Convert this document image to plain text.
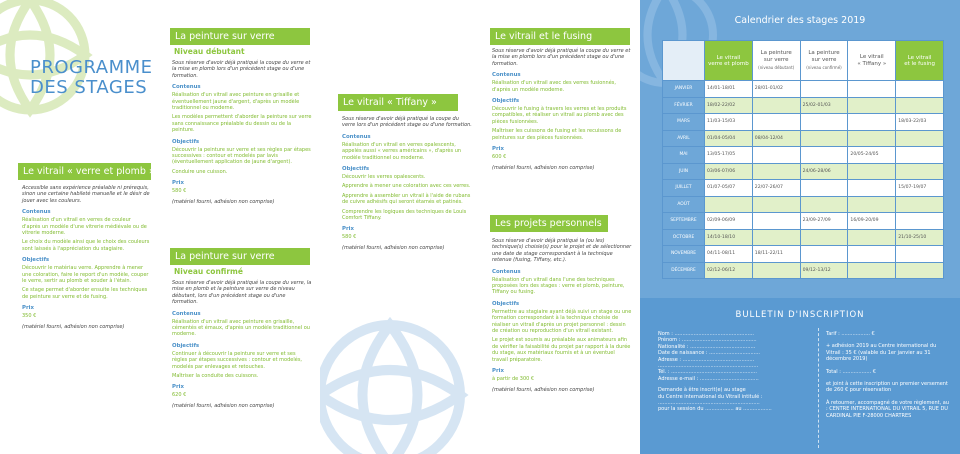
PROGRAMME
DES STAGES
Le vitrail « verre et plomb »
Accessible sans expérience préalable ni prérequis, sinon une certaine habileté manuelle et le désir de jouer avec les couleurs.
Contenus
Réalisation d'un vitrail en verres de couleur d'après un modèle d'une vitrerie médiévale ou de vitrerie moderne.
Le choix du modèle ainsi que le choix des couleurs sont laissés à l'appréciation du stagiaire.
Objectifs
Découvrir le matériau verre. Apprendre à mener une coloration, faire le report d'un modèle, couper le verre, sertir au plomb et souder à l'étain.
Ce stage permet d'aborder ensuite les techniques de peinture sur verre et de fusing.
Prix
350 €
(matériel fourni, adhésion non comprise)
La peinture sur verre
Niveau débutant
Sous réserve d'avoir déjà pratiqué la coupe du verre et la mise en plomb lors d'un précédent stage ou d'une formation.
Contenus
Réalisation d'un vitrail avec peinture en grisaille et éventuellement jaune d'argent, d'après un modèle traditionnel ou moderne.
Les modèles permettent d'aborder la peinture sur verre sans connaissance préalable du dessin ou de la peinture.
Objectifs
Découvrir la peinture sur verre et ses règles par étapes successives : contour et modelés par lavis (éventuellement application de jaune d'argent).
Conduire une cuisson.
Prix
580 €
(matériel fourni, adhésion non comprise)
La peinture sur verre
Niveau confirmé
Sous réserve d'avoir déjà pratiqué la coupe du verre, la mise en plomb et la peinture sur verre de niveau débutant, lors d'un précédent stage ou d'une formation.
Contenus
Réalisation d'un vitrail avec peinture en grisaille, cémentés et émaux, d'après un modèle traditionnel ou moderne.
Objectifs
Continuer à découvrir la peinture sur verre et ses règles par étapes successives : contour et modelés, modelés par enlevages et retouches.
Maîtriser la conduite des cuissons.
Prix
620 €
(matériel fourni, adhésion non comprise)
Le vitrail « Tiffany »
Sous réserve d'avoir déjà pratiqué la coupe du verre lors d'un précédent stage ou d'une formation.
Contenus
Réalisation d'un vitrail en verres opalescents, appelés aussi « verres américains », d'après un modèle traditionnel ou moderne.
Objectifs
Découvrir les verres opalescents.
Apprendre à mener une coloration avec ces verres.
Apprendre à assembler un vitrail à l'aide de rubans de cuivre adhésifs qui seront étamés et patinés.
Comprendre les logiques des techniques de Louis Comfort Tiffany.
Prix
580 €
(matériel fourni, adhésion non comprise)
Le vitrail et le fusing
Sous réserve d'avoir déjà pratiqué la coupe du verre et la mise en plomb lors d'un précédent stage ou d'une formation.
Contenus
Réalisation d'un vitrail avec des verres fusionnés, d'après un modèle moderne.
Objectifs
Découvrir le fusing à travers les verres et les produits compatibles, et réaliser un vitrail au plomb avec des pièces fusionnées.
Maîtriser les cuissons de fusing et les recuissons de peintures sur des pièces fusionnées.
Prix
600 €
(matériel fourni, adhésion non comprise)
Les projets personnels
Sous réserve d'avoir déjà pratiqué la (ou les) technique(s) choisie(s) pour le projet et de sélectionner une date de stage correspondant à la technique retenue (fusing, Tiffany, etc.).
Contenus
Réalisation d'un vitrail dans l'une des techniques proposées lors des stages : verre et plomb, peinture, Tiffany ou fusing.
Objectifs
Permettre au stagiaire ayant déjà suivi un stage ou une formation correspondant à la technique choisie de réaliser un vitrail d'après un projet personnel : dessin de création ou reproduction d'un vitrail existant.
Le projet est soumis au préalable aux animateurs afin de vérifier la faisabilité du projet par rapport à la durée du stage, aux matériaux fournis et à un éventuel travail préparatoire.
Prix
à partir de 300 €
(matériel fourni, adhésion non comprise)
Calendrier des stages 2019
	Le vitrail
verre et plomb	La peinture
sur verre
(niveau débutant)	La peinture
sur verre
(niveau confirmé)	Le vitrail
« Tiffany »	Le vitrail
et le fusing
JANVIER	14/01-18/01	28/01-01/02			
FÉVRIER	18/02-22/02		25/02-01/03		
MARS	11/03-15/03				18/03-22/03
AVRIL	01/04-05/04	08/04-12/04			
MAI	13/05-17/05			20/05-24/05	
JUIN	03/06-07/06		24/06-28/06		
JUILLET	01/07-05/07	22/07-26/07			15/07-19/07
AOÛT					
SEPTEMBRE	02/09-06/09		23/09-27/09	16/09-20/09	
OCTOBRE	14/10-18/10				21/10-25/10
NOVEMBRE	04/11-08/11	18/11-22/11			
DÉCEMBRE	02/12-06/12		09/12-13/12		
BULLETIN D'INSCRIPTION
Nom : ..................................................
Prénom : ...............................................
Nationalité : .........................................
Date de naissance : ................................
Adresse : .............................................
...............................................................
Tél. : ......................................................
Adresse e-mail : .....................................
Demande à être inscrit(e) au stage
du Centre international du Vitrail intitulé :
................................................................
pour la session du .................. au ..................
Tarif : .................. €
+ adhésion 2019 au Centre international du Vitrail : 35 € (valable du 1er janvier au 31 décembre 2019)
Total : .................. €
et joint à cette inscription un premier versement de 260 € pour réservation
À retourner, accompagné de votre règlement, au : CENTRE INTERNATIONAL DU VITRAIL 5, RUE DU CARDINAL PIE F-28000 CHARTRES
